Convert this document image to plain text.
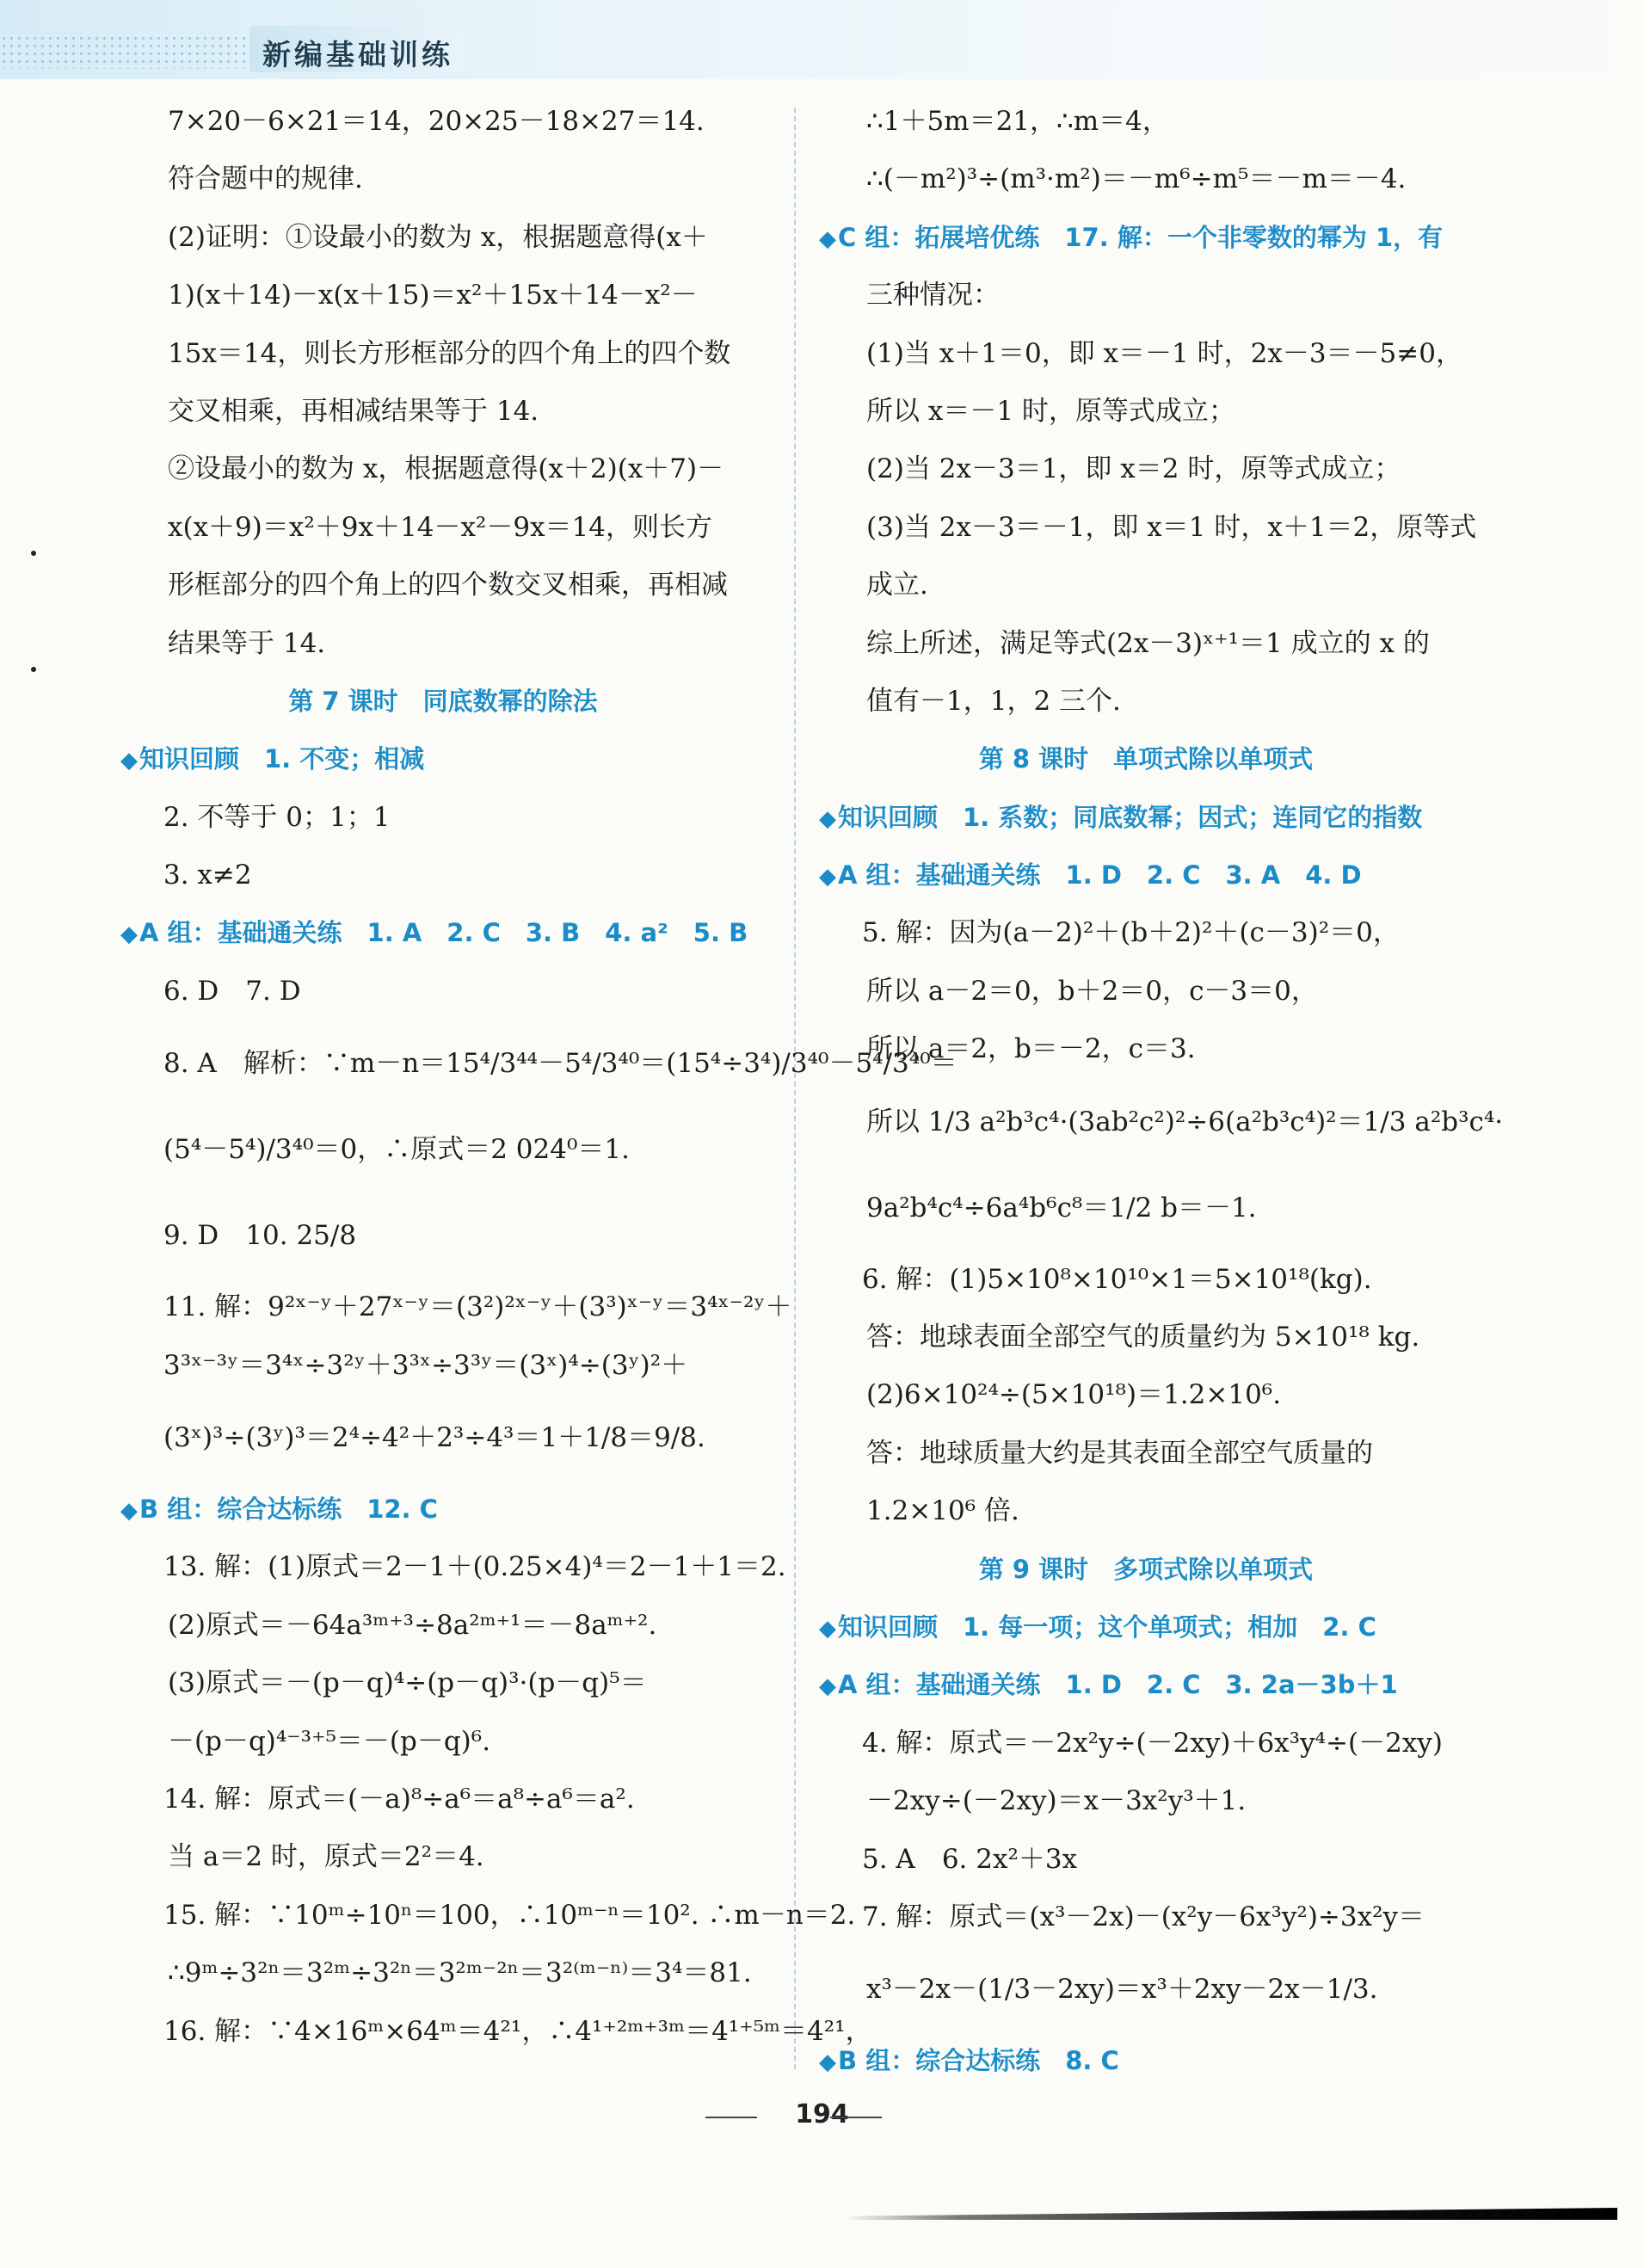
新编基础训练
7×20－6×21＝14，20×25－18×27＝14.
符合题中的规律.
(2)证明：①设最小的数为 x，根据题意得(x＋
1)(x＋14)－x(x＋15)＝x²＋15x＋14－x²－
15x＝14，则长方形框部分的四个角上的四个数
交叉相乘，再相减结果等于 14.
②设最小的数为 x，根据题意得(x＋2)(x＋7)－
x(x＋9)＝x²＋9x＋14－x²－9x＝14，则长方
形框部分的四个角上的四个数交叉相乘，再相减
结果等于 14.
第 7 课时　同底数幂的除法
◆知识回顾　1. 不变；相减
2. 不等于 0；1；1
3. x≠2
◆A 组：基础通关练　1. A　2. C　3. B　4. a²　5. B
6. D　7. D
8. A　解析：∵m－n＝15⁴/3⁴⁴－5⁴/3⁴⁰＝(15⁴÷3⁴)/3⁴⁰－5⁴/3⁴⁰＝
(5⁴－5⁴)/3⁴⁰＝0，∴原式＝2 024⁰＝1.
9. D　10. 25/8
11. 解：9²ˣ⁻ʸ＋27ˣ⁻ʸ＝(3²)²ˣ⁻ʸ＋(3³)ˣ⁻ʸ＝3⁴ˣ⁻²ʸ＋
3³ˣ⁻³ʸ＝3⁴ˣ÷3²ʸ＋3³ˣ÷3³ʸ＝(3ˣ)⁴÷(3ʸ)²＋
(3ˣ)³÷(3ʸ)³＝2⁴÷4²＋2³÷4³＝1＋1/8＝9/8.
◆B 组：综合达标练　12. C
13. 解：(1)原式＝2－1＋(0.25×4)⁴＝2－1＋1＝2.
(2)原式＝－64a³ᵐ⁺³÷8a²ᵐ⁺¹＝－8aᵐ⁺².
(3)原式＝－(p－q)⁴÷(p－q)³·(p－q)⁵＝
－(p－q)⁴⁻³⁺⁵＝－(p－q)⁶.
14. 解：原式＝(－a)⁸÷a⁶＝a⁸÷a⁶＝a².
当 a＝2 时，原式＝2²＝4.
15. 解：∵10ᵐ÷10ⁿ＝100，∴10ᵐ⁻ⁿ＝10². ∴m－n＝2.
∴9ᵐ÷3²ⁿ＝3²ᵐ÷3²ⁿ＝3²ᵐ⁻²ⁿ＝3²⁽ᵐ⁻ⁿ⁾＝3⁴＝81.
16. 解：∵4×16ᵐ×64ᵐ＝4²¹，∴4¹⁺²ᵐ⁺³ᵐ＝4¹⁺⁵ᵐ＝4²¹，
∴1＋5m＝21，∴m＝4，
∴(－m²)³÷(m³·m²)＝－m⁶÷m⁵＝－m＝－4.
◆C 组：拓展培优练　17. 解：一个非零数的幂为 1，有
三种情况：
(1)当 x＋1＝0，即 x＝－1 时，2x－3＝－5≠0，
所以 x＝－1 时，原等式成立；
(2)当 2x－3＝1，即 x＝2 时，原等式成立；
(3)当 2x－3＝－1，即 x＝1 时，x＋1＝2，原等式
成立.
综上所述，满足等式(2x－3)ˣ⁺¹＝1 成立的 x 的
值有－1，1，2 三个.
第 8 课时　单项式除以单项式
◆知识回顾　1. 系数；同底数幂；因式；连同它的指数
◆A 组：基础通关练　1. D　2. C　3. A　4. D
5. 解：因为(a－2)²＋(b＋2)²＋(c－3)²＝0，
所以 a－2＝0，b＋2＝0，c－3＝0，
所以 a＝2，b＝－2，c＝3.
所以 1/3 a²b³c⁴·(3ab²c²)²÷6(a²b³c⁴)²＝1/3 a²b³c⁴·
9a²b⁴c⁴÷6a⁴b⁶c⁸＝1/2 b＝－1.
6. 解：(1)5×10⁸×10¹⁰×1＝5×10¹⁸(kg).
答：地球表面全部空气的质量约为 5×10¹⁸ kg.
(2)6×10²⁴÷(5×10¹⁸)＝1.2×10⁶.
答：地球质量大约是其表面全部空气质量的
1.2×10⁶ 倍.
第 9 课时　多项式除以单项式
◆知识回顾　1. 每一项；这个单项式；相加　2. C
◆A 组：基础通关练　1. D　2. C　3. 2a－3b＋1
4. 解：原式＝－2x²y÷(－2xy)＋6x³y⁴÷(－2xy)
－2xy÷(－2xy)＝x－3x²y³＋1.
5. A　6. 2x²＋3x
7. 解：原式＝(x³－2x)－(x²y－6x³y²)÷3x²y＝
x³－2x－(1/3－2xy)＝x³＋2xy－2x－1/3.
◆B 组：综合达标练　8. C
194
